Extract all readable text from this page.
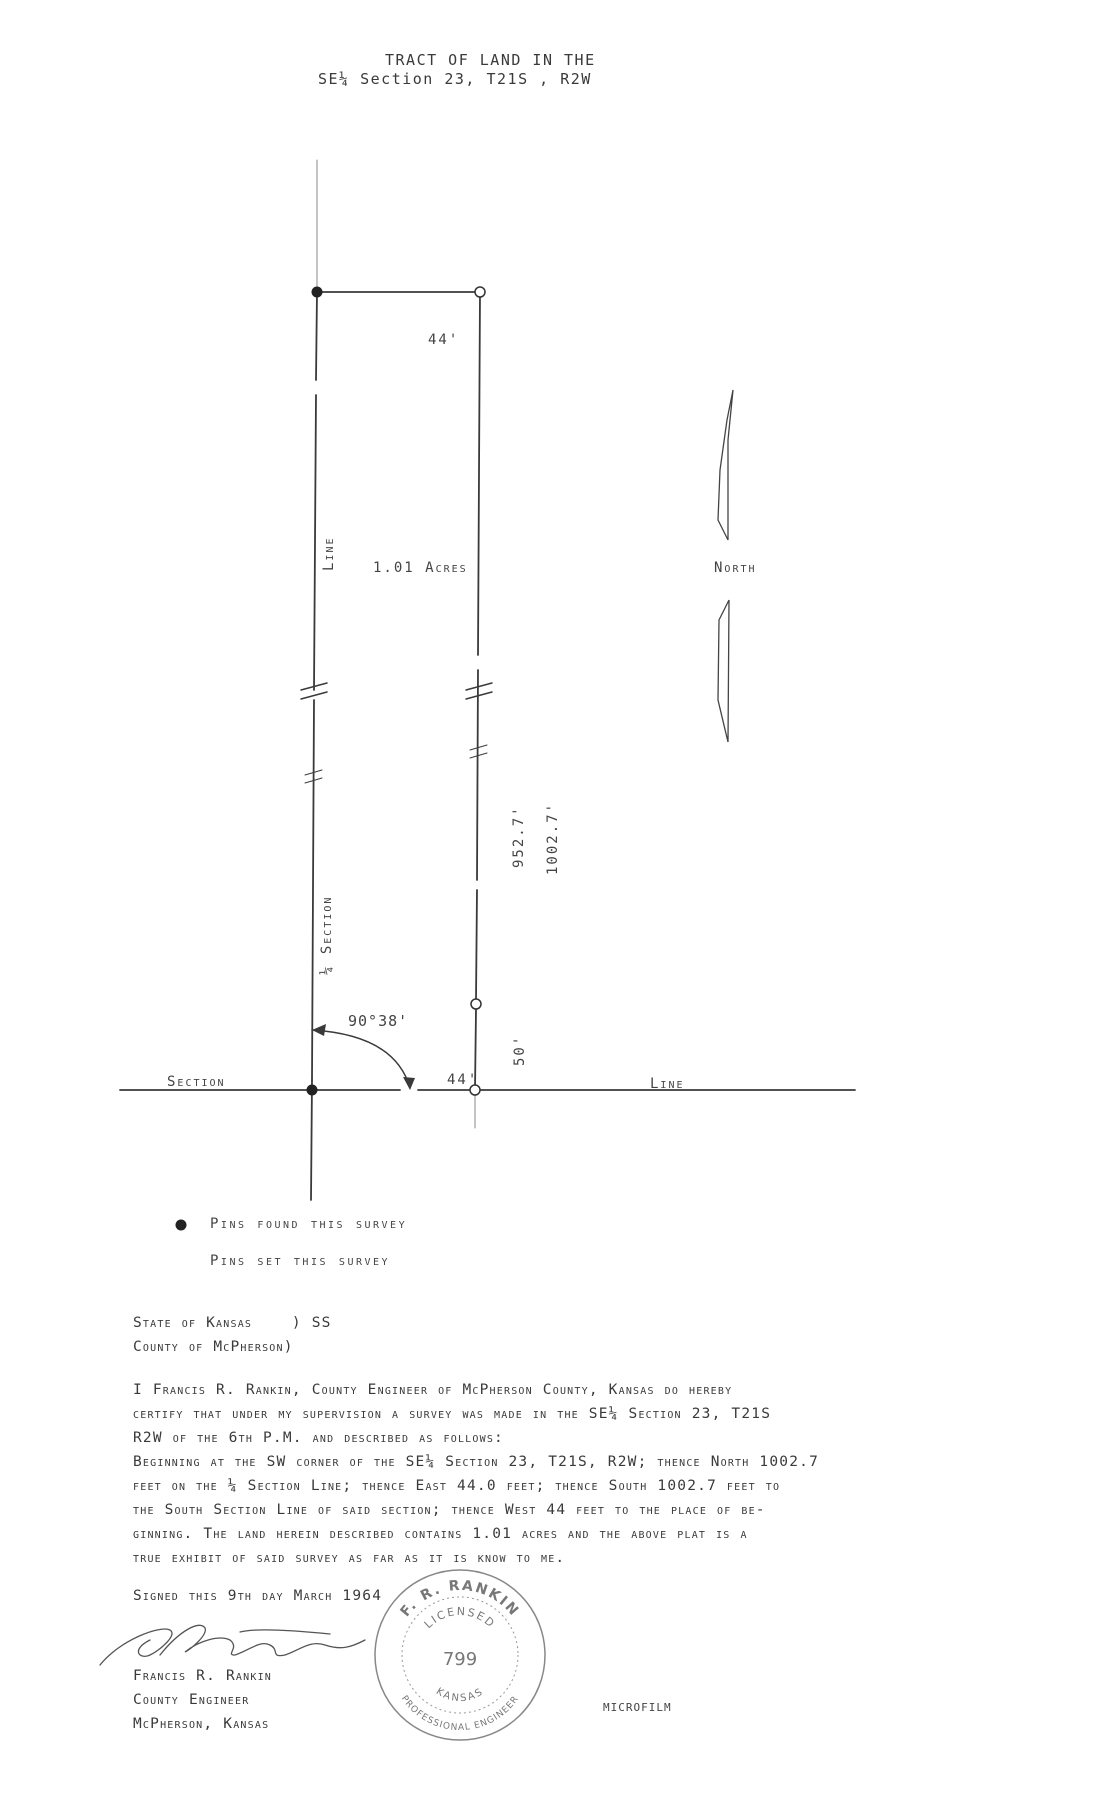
TRACT OF LAND IN THE
SE¼ Section 23, T21S , R2W
44'
1.01 Acres
Line
¼ Section
952.7' 1002.7'
50'
90°38'
44'
Section	Line
North
Pins found this survey
Pins set this survey
State of Kansas    ) SS
County of McPherson)
I Francis R. Rankin, County Engineer of McPherson County, Kansas do hereby
certify that under my supervision a survey was made in the SE¼ Section 23, T21S
R2W of the 6th P.M. and described as follows:
Beginning at the SW corner of the SE¼ Section 23, T21S, R2W; thence North 1002.7
feet on the ¼ Section Line; thence East 44.0 feet; thence South 1002.7 feet to
the South Section Line of said section; thence West 44 feet to the place of be-
ginning. The land herein described contains 1.01 acres and the above plat is a
true exhibit of said survey as far as it is know to me.
Signed this 9th day March 1964
Francis R. Rankin
County Engineer
McPherson, Kansas
F. R. RANKIN
LICENSED
799
KANSAS
PROFESSIONAL ENGINEER
MICROFILM
